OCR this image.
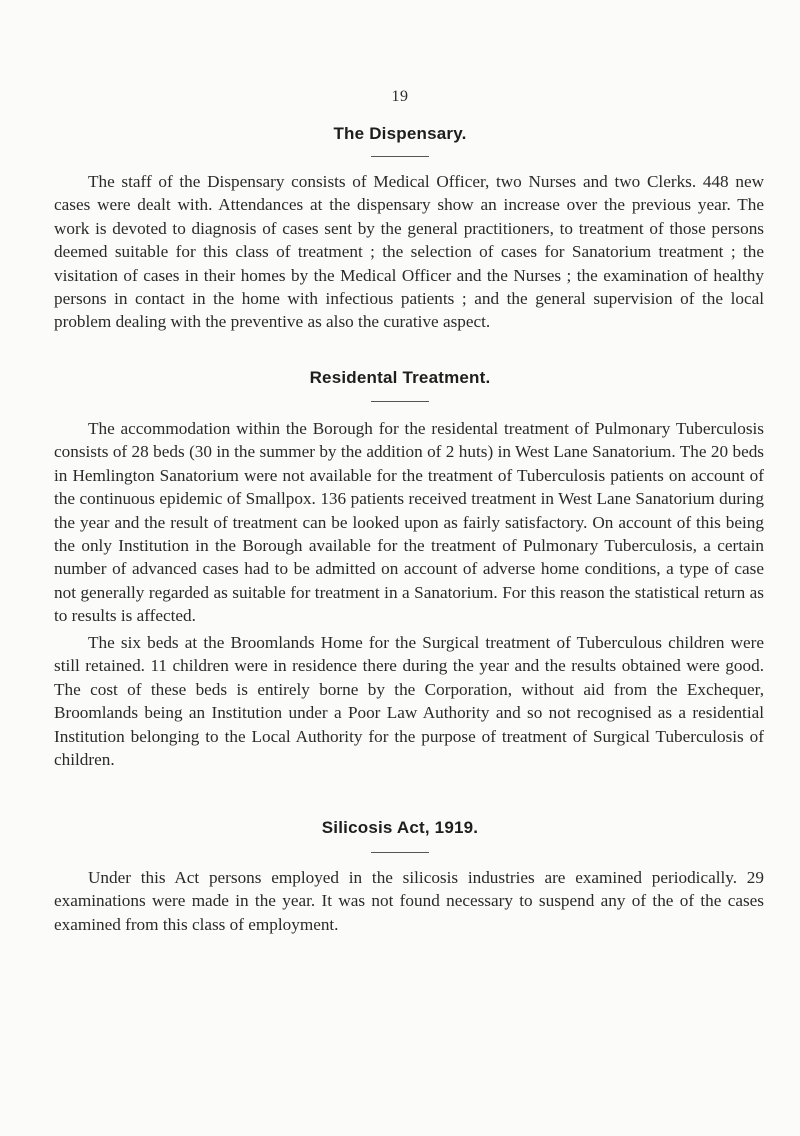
19
The Dispensary.

The staff of the Dispensary consists of Medical Officer, two Nurses and two Clerks. 448 new cases were dealt with. Attendances at the dispensary show an increase over the previous year. The work is devoted to diagnosis of cases sent by the general practitioners, to treatment of those persons deemed suitable for this class of treatment ; the selection of cases for Sanatorium treatment ; the visitation of cases in their homes by the Medical Officer and the Nurses ; the examination of healthy persons in contact in the home with infectious patients ; and the general supervision of the local problem dealing with the preventive as also the curative aspect.

Residental Treatment.

The accommodation within the Borough for the residental treatment of Pulmonary Tuberculosis consists of 28 beds (30 in the summer by the addition of 2 huts) in West Lane Sanatorium. The 20 beds in Hemlington Sanatorium were not available for the treatment of Tuberculosis patients on account of the continuous epidemic of Smallpox. 136 patients received treatment in West Lane Sanatorium during the year and the result of treatment can be looked upon as fairly satisfactory. On account of this being the only Institution in the Borough available for the treatment of Pulmonary Tuberculosis, a certain number of advanced cases had to be admitted on account of adverse home conditions, a type of case not generally regarded as suitable for treatment in a Sanatorium. For this reason the statistical return as to results is affected.

The six beds at the Broomlands Home for the Surgical treatment of Tuberculous children were still retained. 11 children were in residence there during the year and the results obtained were good. The cost of these beds is entirely borne by the Corporation, without aid from the Exchequer, Broomlands being an Institution under a Poor Law Authority and so not recognised as a residential Institution belonging to the Local Authority for the purpose of treatment of Surgical Tuberculosis of children.

Silicosis Act, 1919.

Under this Act persons employed in the silicosis industries are examined periodically. 29 examinations were made in the year. It was not found necessary to suspend any of the of the cases examined from this class of employment.
